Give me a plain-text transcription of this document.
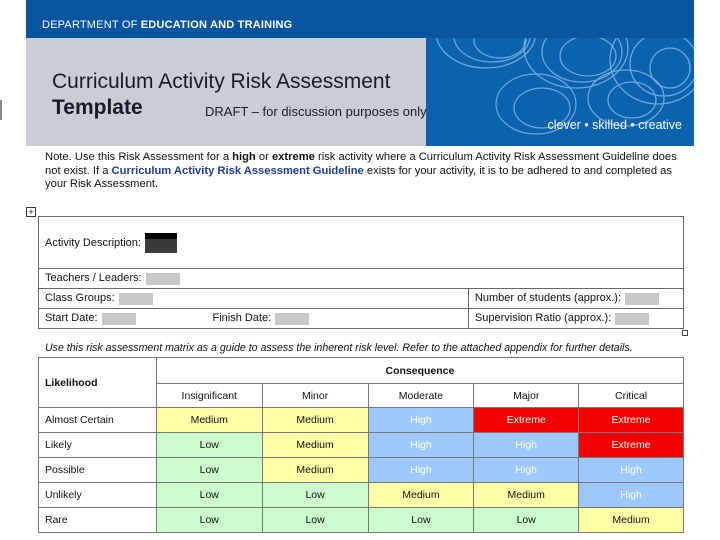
DEPARTMENT OF EDUCATION AND TRAINING
clever • skilled • creative
Curriculum Activity Risk Assessment
Template	DRAFT – for discussion purposes only
Note. Use this Risk Assessment for a high or extreme risk activity where a Curriculum Activity Risk Assessment Guideline does not exist. If a Curriculum Activity Risk Assessment Guideline exists for your activity, it is to be adhered to and completed as your Risk Assessment.
+
Activity Description:		
Teachers / Leaders:		
Class Groups:		Number of students (approx.):
Start Date:	Finish Date:	Supervision Ratio (approx.):
Use this risk assessment matrix as a guide to assess the inherent risk level. Refer to the attached appendix for further details.
Likelihood	Consequence				
	Insignificant	Minor	Moderate	Major	Critical
Almost Certain	Medium	Medium	High	Extreme	Extreme
Likely	Low	Medium	High	High	Extreme
Possible	Low	Medium	High	High	High
Unlikely	Low	Low	Medium	Medium	High
Rare	Low	Low	Low	Low	Medium
